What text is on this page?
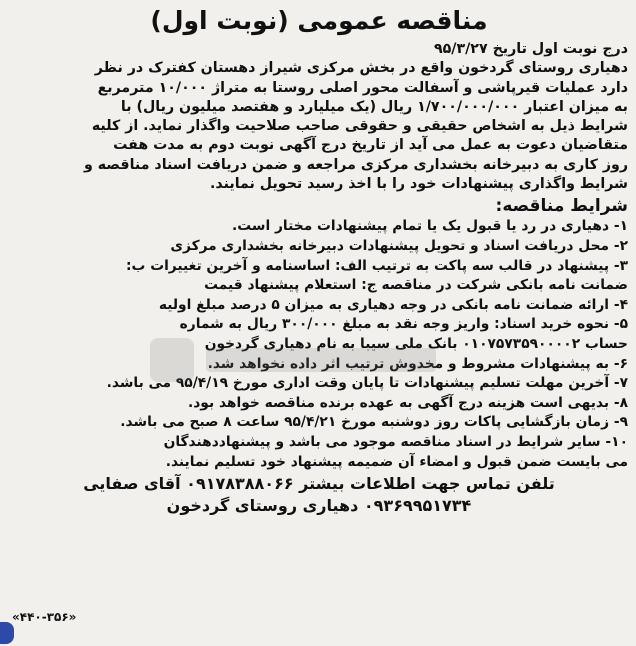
مناقصه عمومی (نوبت اول)

درج نوبت اول تاریخ ۹۵/۳/۲۷

دهیاری روستای گردخون واقع در بخش مرکزی شیراز دهستان کفترک در نظر

دارد عملیات قیرپاشی و آسفالت محور اصلی روستا به متراژ ۱۰/۰۰۰ مترمربع

به میزان اعتبار ۱/۷۰۰/۰۰۰/۰۰۰ ریال (یک میلیارد و هفتصد میلیون ریال) با

شرایط ذیل به اشخاص حقیقی و حقوقی صاحب صلاحیت واگذار نماید. از کلیه

متقاضیان دعوت به عمل می آید از تاریخ درج آگهی نوبت دوم به مدت هفت

روز کاری به دبیرخانه بخشداری مرکزی مراجعه و ضمن دریافت اسناد مناقصه و

شرایط واگذاری پیشنهادات خود را با اخذ رسید تحویل نمایند.

شرایط مناقصه:

۱- دهیاری در رد یا قبول یک یا تمام پیشنهادات مختار است.

۲- محل دریافت اسناد و تحویل پیشنهادات دبیرخانه بخشداری مرکزی

۳- پیشنهاد در قالب سه پاکت به ترتیب الف: اساسنامه و آخرین تغییرات ب:

ضمانت نامه بانکی شرکت در مناقصه ج: استعلام پیشنهاد قیمت

۴- ارائه ضمانت نامه بانکی در وجه دهیاری به میزان ۵ درصد مبلغ اولیه

۵- نحوه خرید اسناد: واریز وجه نقد به مبلغ ۳۰۰/۰۰۰ ریال به شماره

حساب ۰۱۰۷۵۷۳۵۹۰۰۰۰۲ بانک ملی سیبا به نام دهیاری گردخون

۶- به پیشنهادات مشروط و مخدوش ترتیب اثر داده نخواهد شد.

۷- آخرین مهلت تسلیم پیشنهادات تا پایان وقت اداری مورخ ۹۵/۴/۱۹ می باشد.

۸- بدیهی است هزینه درج آگهی به عهده برنده مناقصه خواهد بود.

۹- زمان بازگشایی پاکات روز دوشنبه مورخ ۹۵/۴/۲۱ ساعت ۸ صبح می باشد.

۱۰- سایر شرایط در اسناد مناقصه موجود می باشد و پیشنهاددهندگان

می بایست ضمن قبول و امضاء آن ضمیمه پیشنهاد خود تسلیم نمایند.

تلفن تماس جهت اطلاعات بیشتر ۰۹۱۷۸۳۸۸۰۶۶ آقای صفایی

۰۹۳۶۹۹۵۱۷۳۴ دهیاری روستای گردخون

«۴۴۰-۳۵۶»
